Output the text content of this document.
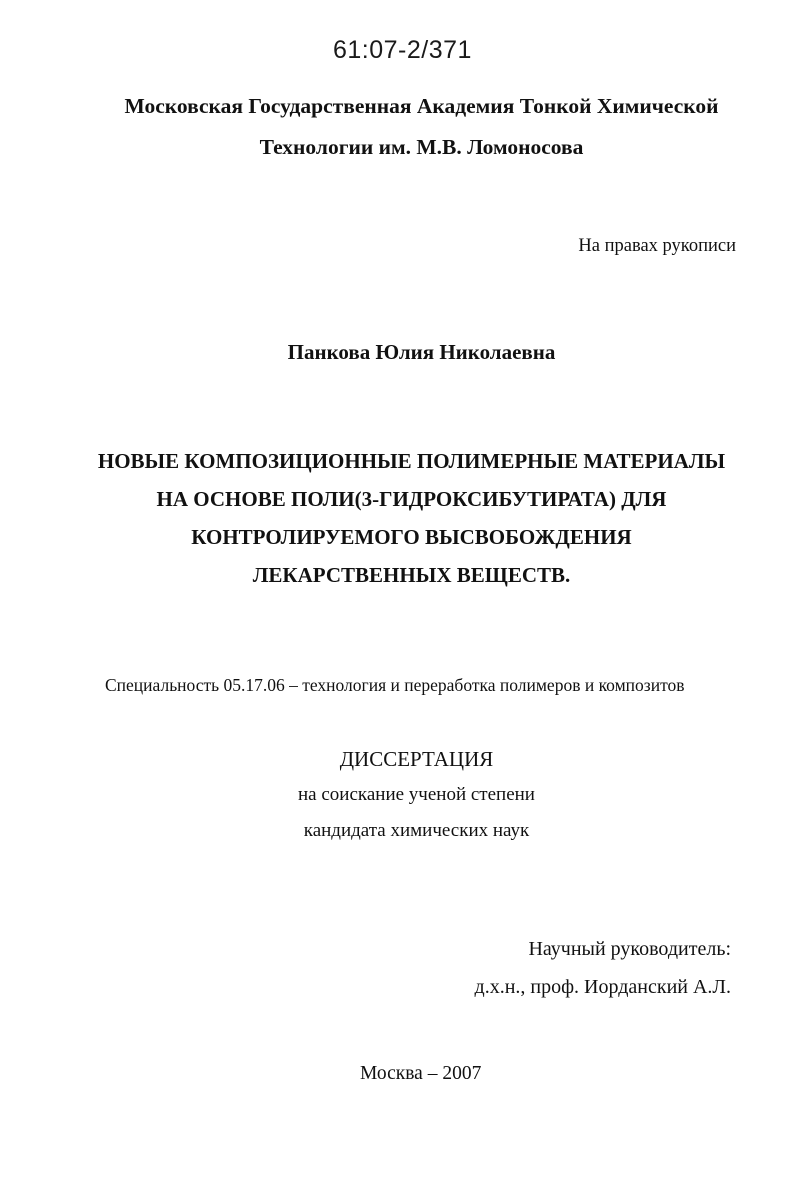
61:07-2/371
Московская Государственная Академия Тонкой Химической
Технологии им. М.В. Ломоносова
На правах рукописи
Панкова Юлия Николаевна
НОВЫЕ КОМПОЗИЦИОННЫЕ ПОЛИМЕРНЫЕ МАТЕРИАЛЫ
НА ОСНОВЕ ПОЛИ(3-ГИДРОКСИБУТИРАТА) ДЛЯ
КОНТРОЛИРУЕМОГО ВЫСВОБОЖДЕНИЯ
ЛЕКАРСТВЕННЫХ ВЕЩЕСТВ.
Специальность 05.17.06 – технология и переработка полимеров и композитов
ДИССЕРТАЦИЯ
на соискание ученой степени
кандидата химических наук
Научный руководитель:
д.х.н., проф. Иорданский А.Л.
Москва – 2007
